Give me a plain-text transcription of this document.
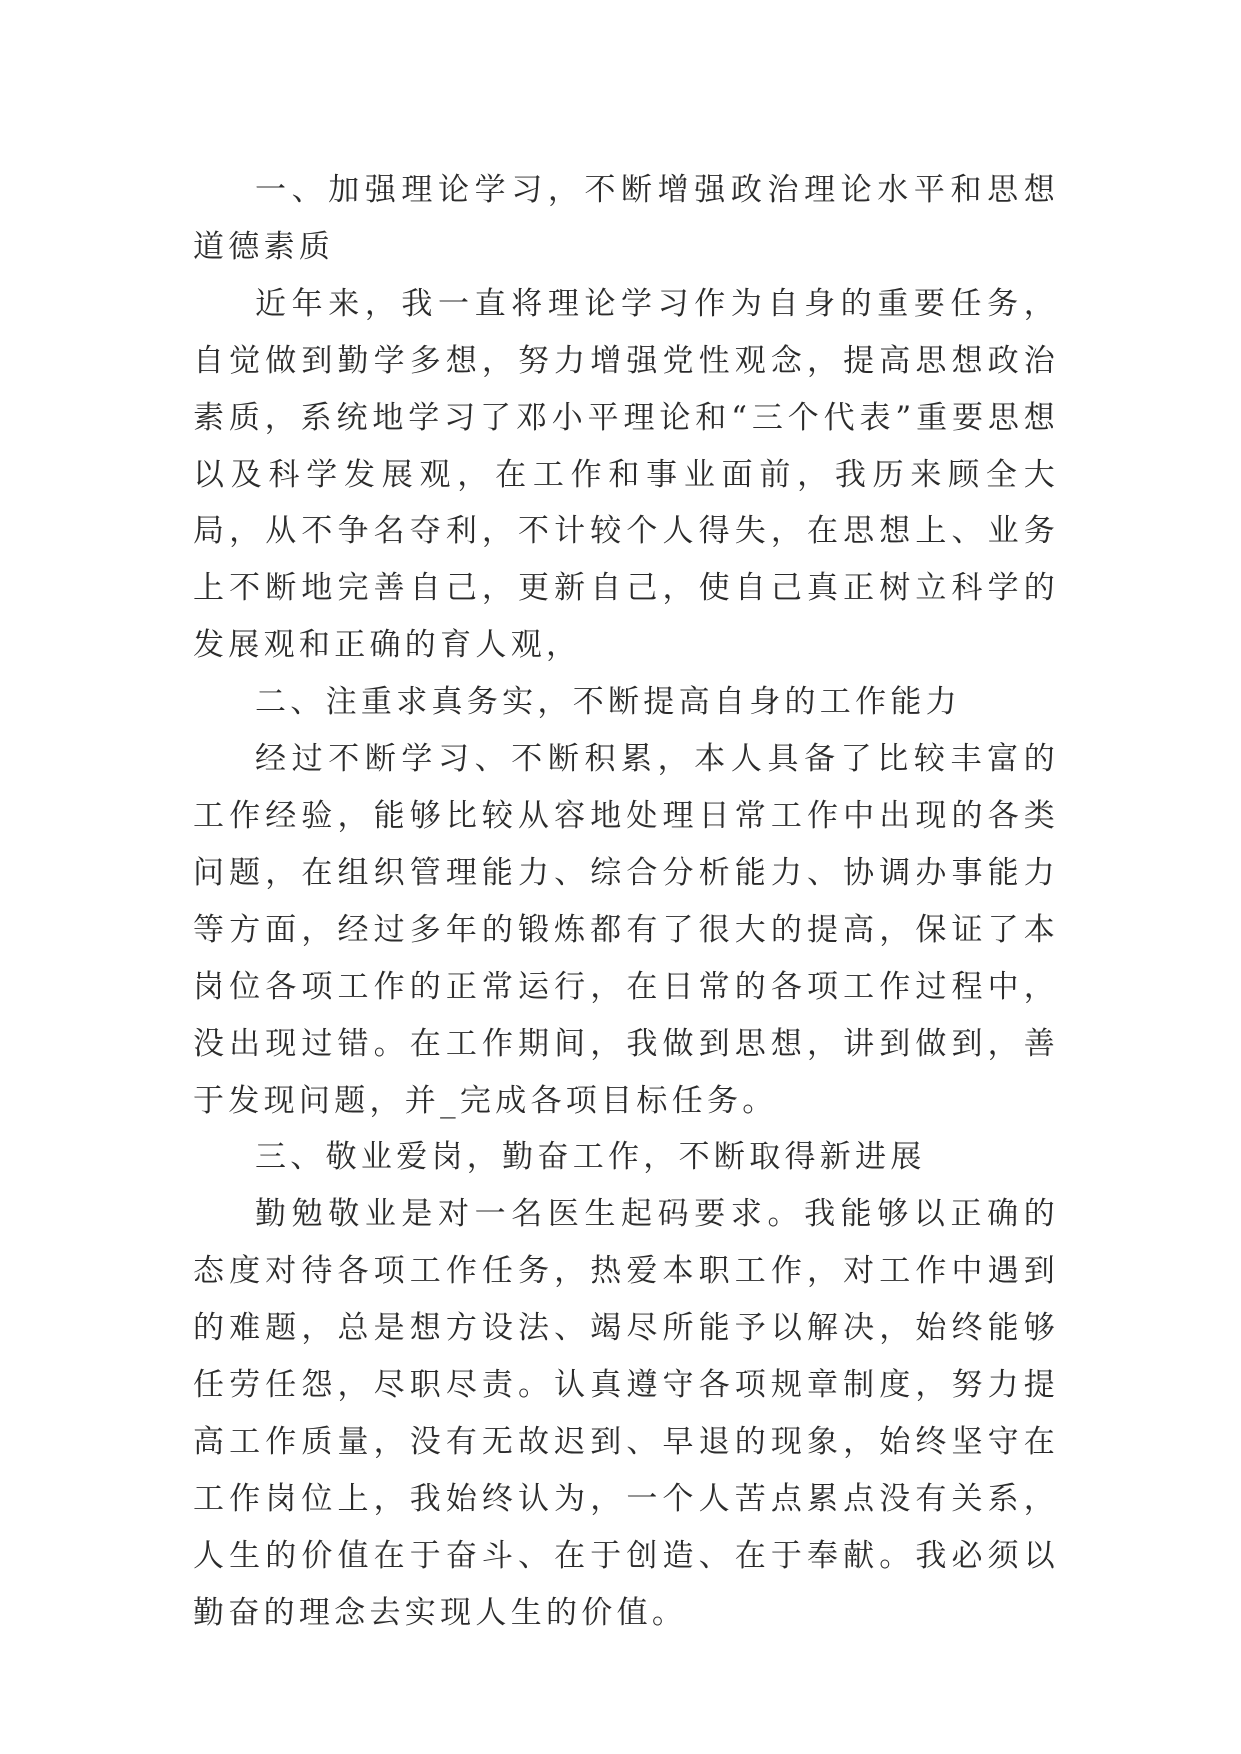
一、加强理论学习，不断增强政治理论水平和思想道德素质

近年来，我一直将理论学习作为自身的重要任务，自觉做到勤学多想，努力增强党性观念，提高思想政治素质，系统地学习了邓小平理论和“三个代表”重要思想以及科学发展观，在工作和事业面前，我历来顾全大局，从不争名夺利，不计较个人得失，在思想上、业务上不断地完善自己，更新自己，使自己真正树立科学的发展观和正确的育人观，

二、注重求真务实，不断提高自身的工作能力

经过不断学习、不断积累，本人具备了比较丰富的工作经验，能够比较从容地处理日常工作中出现的各类问题，在组织管理能力、综合分析能力、协调办事能力等方面，经过多年的锻炼都有了很大的提高，保证了本岗位各项工作的正常运行，在日常的各项工作过程中，没出现过错。在工作期间，我做到思想，讲到做到，善于发现问题，并_完成各项目标任务。

三、敬业爱岗，勤奋工作，不断取得新进展

勤勉敬业是对一名医生起码要求。我能够以正确的态度对待各项工作任务，热爱本职工作，对工作中遇到的难题，总是想方设法、竭尽所能予以解决，始终能够任劳任怨，尽职尽责。认真遵守各项规章制度，努力提高工作质量，没有无故迟到、早退的现象，始终坚守在工作岗位上，我始终认为，一个人苦点累点没有关系，人生的价值在于奋斗、在于创造、在于奉献。我必须以勤奋的理念去实现人生的价值。
